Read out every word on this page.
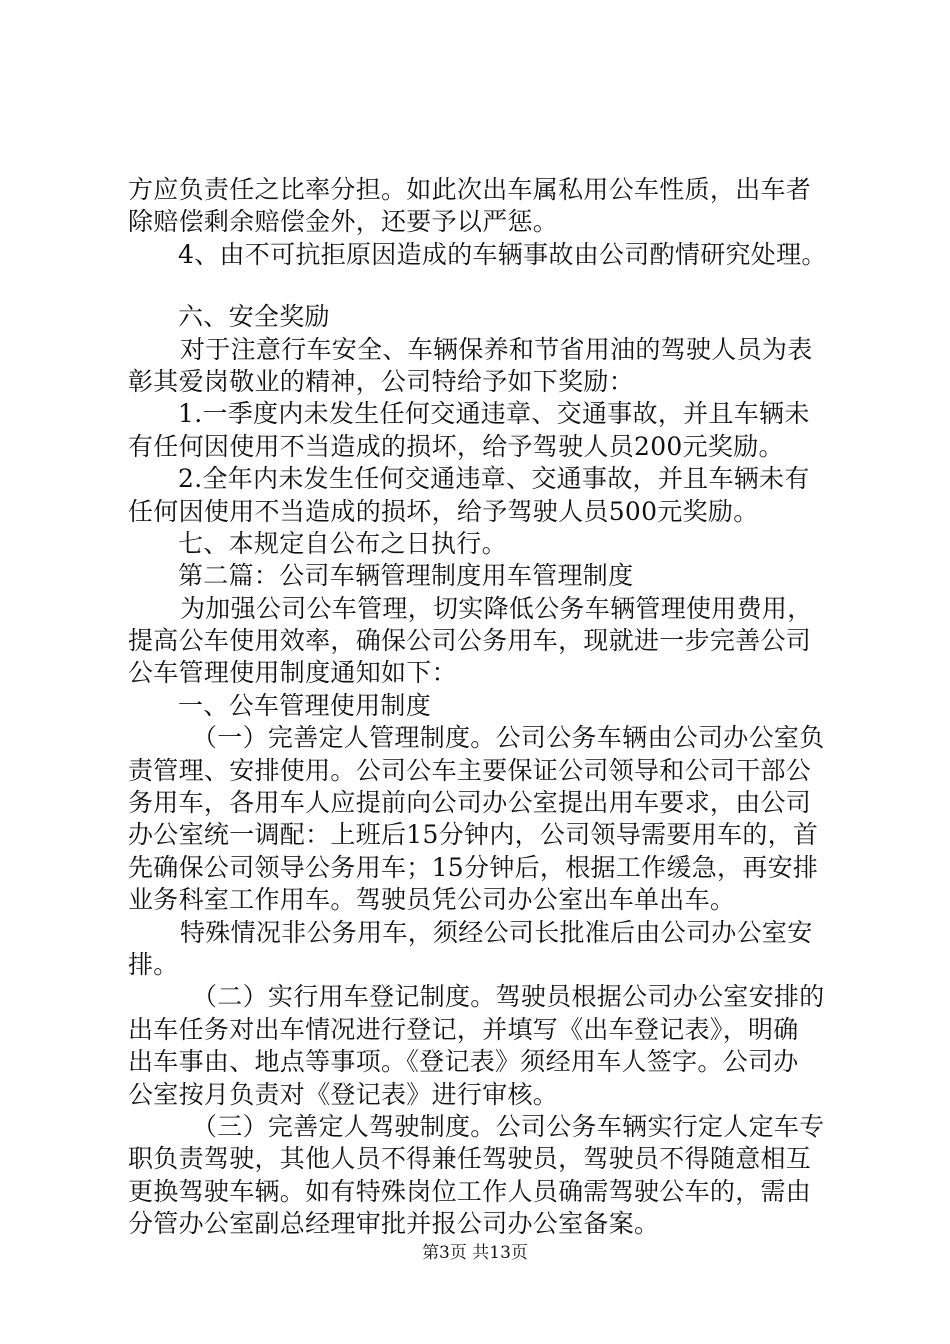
方应负责任之比率分担。如此次出车属私用公车性质，出车者
除赔偿剩余赔偿金外，还要予以严惩。
4、由不可抗拒原因造成的车辆事故由公司酌情研究处理。
六、安全奖励
对于注意行车安全、车辆保养和节省用油的驾驶人员为表
彰其爱岗敬业的精神，公司特给予如下奖励：
1.一季度内未发生任何交通违章、交通事故，并且车辆未
有任何因使用不当造成的损坏，给予驾驶人员200元奖励。
2.全年内未发生任何交通违章、交通事故，并且车辆未有
任何因使用不当造成的损坏，给予驾驶人员500元奖励。
七、本规定自公布之日执行。
第二篇：公司车辆管理制度用车管理制度
为加强公司公车管理，切实降低公务车辆管理使用费用，
提高公车使用效率，确保公司公务用车，现就进一步完善公司
公车管理使用制度通知如下：
一、公车管理使用制度
（一）完善定人管理制度。公司公务车辆由公司办公室负
责管理、安排使用。公司公车主要保证公司领导和公司干部公
务用车，各用车人应提前向公司办公室提出用车要求，由公司
办公室统一调配：上班后15分钟内，公司领导需要用车的，首
先确保公司领导公务用车；15分钟后，根据工作缓急，再安排
业务科室工作用车。驾驶员凭公司办公室出车单出车。
特殊情况非公务用车，须经公司长批准后由公司办公室安
排。
（二）实行用车登记制度。驾驶员根据公司办公室安排的
出车任务对出车情况进行登记，并填写《出车登记表》，明确
出车事由、地点等事项。《登记表》须经用车人签字。公司办
公室按月负责对《登记表》进行审核。
（三）完善定人驾驶制度。公司公务车辆实行定人定车专
职负责驾驶，其他人员不得兼任驾驶员，驾驶员不得随意相互
更换驾驶车辆。如有特殊岗位工作人员确需驾驶公车的，需由
分管办公室副总经理审批并报公司办公室备案。
第3页 共13页
